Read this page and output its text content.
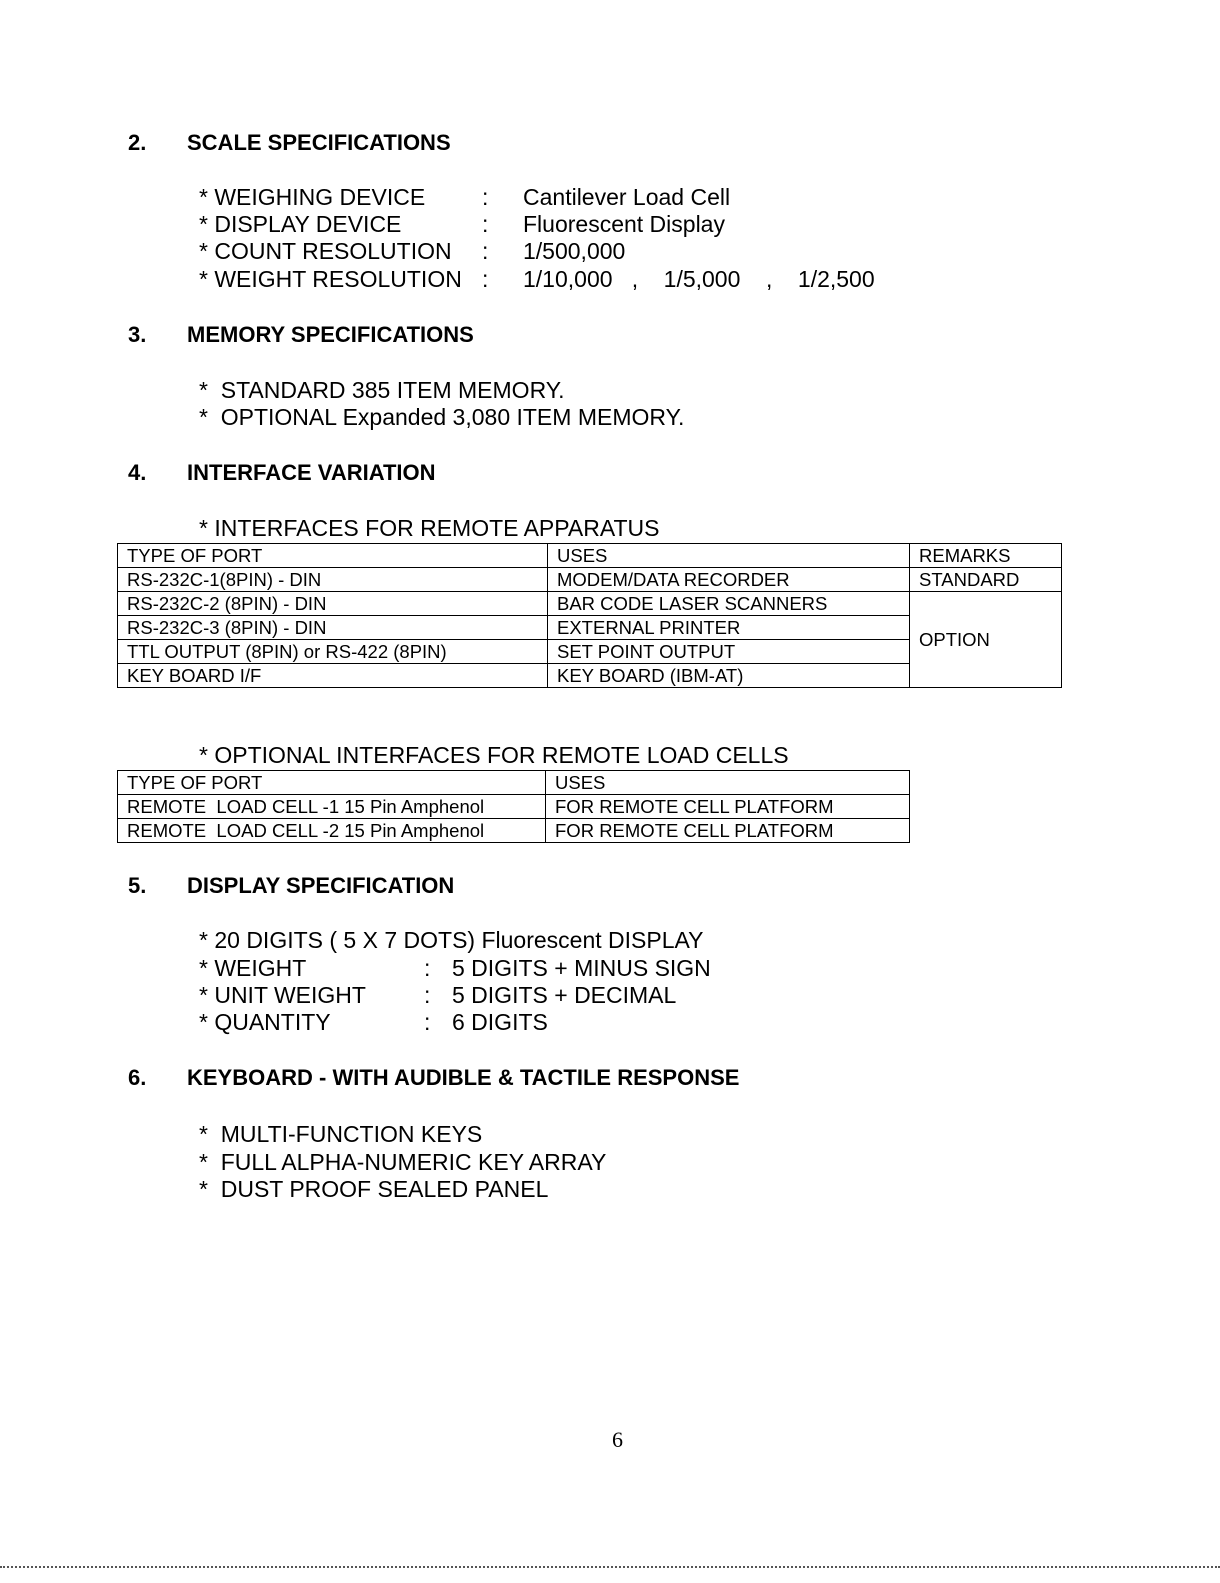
2. SCALE SPECIFICATIONS
* WEIGHING DEVICE : Cantilever Load Cell
* DISPLAY DEVICE	: Fluorescent Display
* COUNT RESOLUTION : 1/500,000
* WEIGHT RESOLUTION : 1/10,000   ,    1/5,000    ,    1/2,500
3. MEMORY SPECIFICATIONS
*  STANDARD 385 ITEM MEMORY.
*  OPTIONAL Expanded 3,080 ITEM MEMORY.
4. INTERFACE VARIATION
* INTERFACES FOR REMOTE APPARATUS
TYPE OF PORT	USES	REMARKS
RS-232C-1(8PIN) - DIN	MODEM/DATA RECORDER	STANDARD
RS-232C-2 (8PIN) - DIN	BAR CODE LASER SCANNERS	OPTION
RS-232C-3 (8PIN) - DIN	EXTERNAL PRINTER	
TTL OUTPUT (8PIN) or RS-422 (8PIN)	SET POINT OUTPUT	
KEY BOARD I/F	KEY BOARD (IBM-AT)	
* OPTIONAL INTERFACES FOR REMOTE LOAD CELLS
TYPE OF PORT	USES
REMOTE  LOAD CELL -1 15 Pin Amphenol	FOR REMOTE CELL PLATFORM
REMOTE  LOAD CELL -2 15 Pin Amphenol	FOR REMOTE CELL PLATFORM
5. DISPLAY SPECIFICATION
* 20 DIGITS ( 5 X 7 DOTS) Fluorescent DISPLAY
* WEIGHT	: 5 DIGITS + MINUS SIGN
* UNIT WEIGHT	: 5 DIGITS + DECIMAL
* QUANTITY	: 6 DIGITS
6. KEYBOARD - WITH AUDIBLE & TACTILE RESPONSE
*  MULTI-FUNCTION KEYS
*  FULL ALPHA-NUMERIC KEY ARRAY
*  DUST PROOF SEALED PANEL
6
